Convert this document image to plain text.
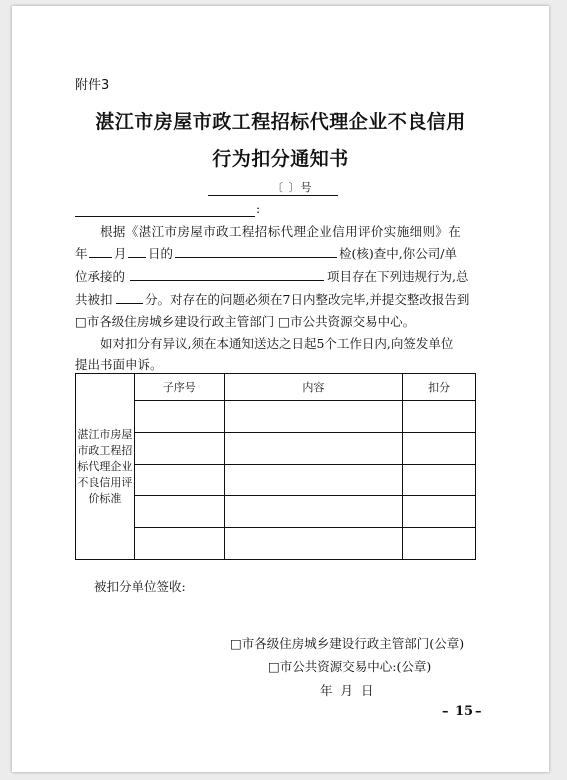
附件3
湛江市房屋市政工程招标代理企业不良信用
行为扣分通知书
〔 〕号
:
根据《湛江市房屋市政工程招标代理企业信用评价实施细则》在
年 月 日的	检(核)查中,你公司/单
位承接的	项目存在下列违规行为,总
共被扣	分。对存在的问题必须在7日内整改完毕,并提交整改报告到
□市各级住房城乡建设行政主管部门 □市公共资源交易中心。
如对扣分有异议,须在本通知送达之日起5个工作日内,向签发单位
提出书面申诉。
湛江市房屋
市政工程招
标代理企业
不良信用评
价标准	子序号	内容	扣分

被扣分单位签收:
□市各级住房城乡建设行政主管部门(公章)
□市公共资源交易中心:(公章)
年 月 日
– 15 –
